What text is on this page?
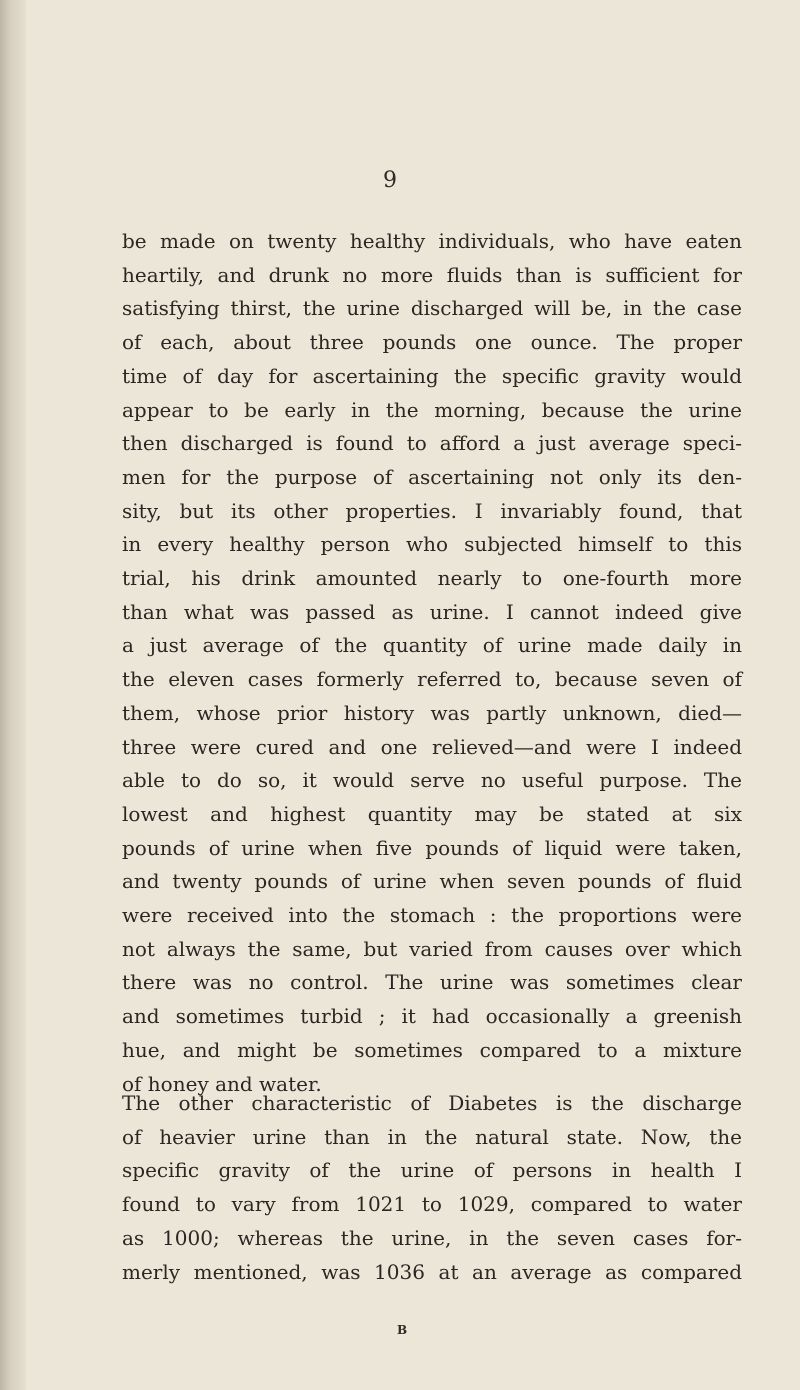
9
be made on twenty healthy individuals, who have eaten
heartily, and drunk no more fluids than is sufficient for
satisfying thirst, the urine discharged will be, in the case
of each, about three pounds one ounce. The proper
time of day for ascertaining the specific gravity would
appear to be early in the morning, because the urine
then discharged is found to afford a just average speci-
men for the purpose of ascertaining not only its den-
sity, but its other properties. I invariably found, that
in every healthy person who subjected himself to this
trial, his drink amounted nearly to one-fourth more
than what was passed as urine. I cannot indeed give
a just average of the quantity of urine made daily in
the eleven cases formerly referred to, because seven of
them, whose prior history was partly unknown, died—
three were cured and one relieved—and were I indeed
able to do so, it would serve no useful purpose. The
lowest and highest quantity may be stated at six
pounds of urine when five pounds of liquid were taken,
and twenty pounds of urine when seven pounds of fluid
were received into the stomach : the proportions were
not always the same, but varied from causes over which
there was no control. The urine was sometimes clear
and sometimes turbid ; it had occasionally a greenish
hue, and might be sometimes compared to a mixture
of honey and water.
The other characteristic of Diabetes is the discharge
of heavier urine than in the natural state. Now, the
specific gravity of the urine of persons in health I
found to vary from 1021 to 1029, compared to water
as 1000; whereas the urine, in the seven cases for-
merly mentioned, was 1036 at an average as compared
B
